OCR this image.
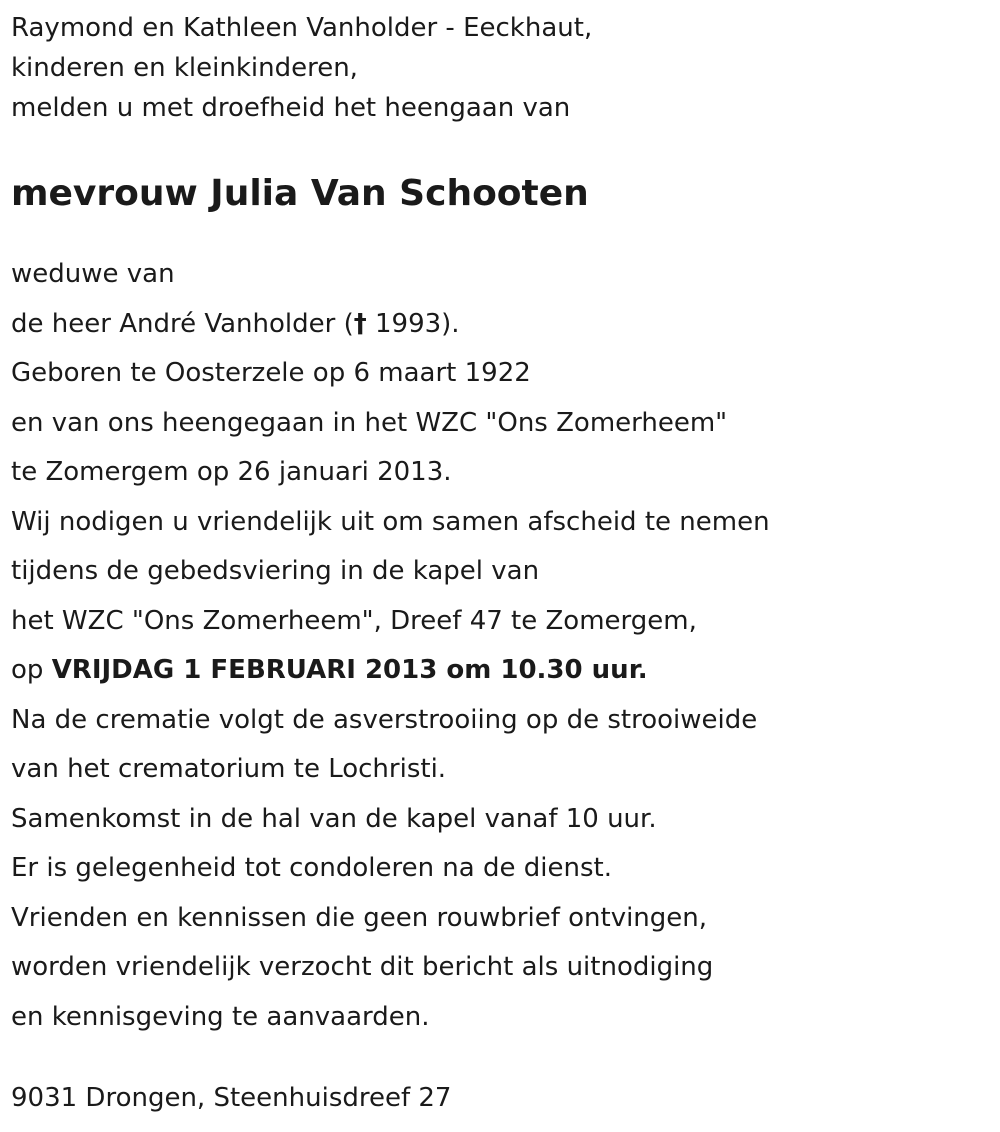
Raymond en Kathleen Vanholder - Eeckhaut,
kinderen en kleinkinderen,
melden u met droefheid het heengaan van
mevrouw Julia Van Schooten
weduwe van
de heer André Vanholder († 1993).
Geboren te Oosterzele op 6 maart 1922
en van ons heengegaan in het WZC "Ons Zomerheem"
te Zomergem op 26 januari 2013.
Wij nodigen u vriendelijk uit om samen afscheid te nemen
tijdens de gebedsviering in de kapel van
het WZC "Ons Zomerheem", Dreef 47 te Zomergem,
op VRIJDAG 1 FEBRUARI 2013 om 10.30 uur.
Na de crematie volgt de asverstrooiing op de strooiweide
van het crematorium te Lochristi.
Samenkomst in de hal van de kapel vanaf 10 uur.
Er is gelegenheid tot condoleren na de dienst.
Vrienden en kennissen die geen rouwbrief ontvingen,
worden vriendelijk verzocht dit bericht als uitnodiging
en kennisgeving te aanvaarden.
9031 Drongen, Steenhuisdreef 27
